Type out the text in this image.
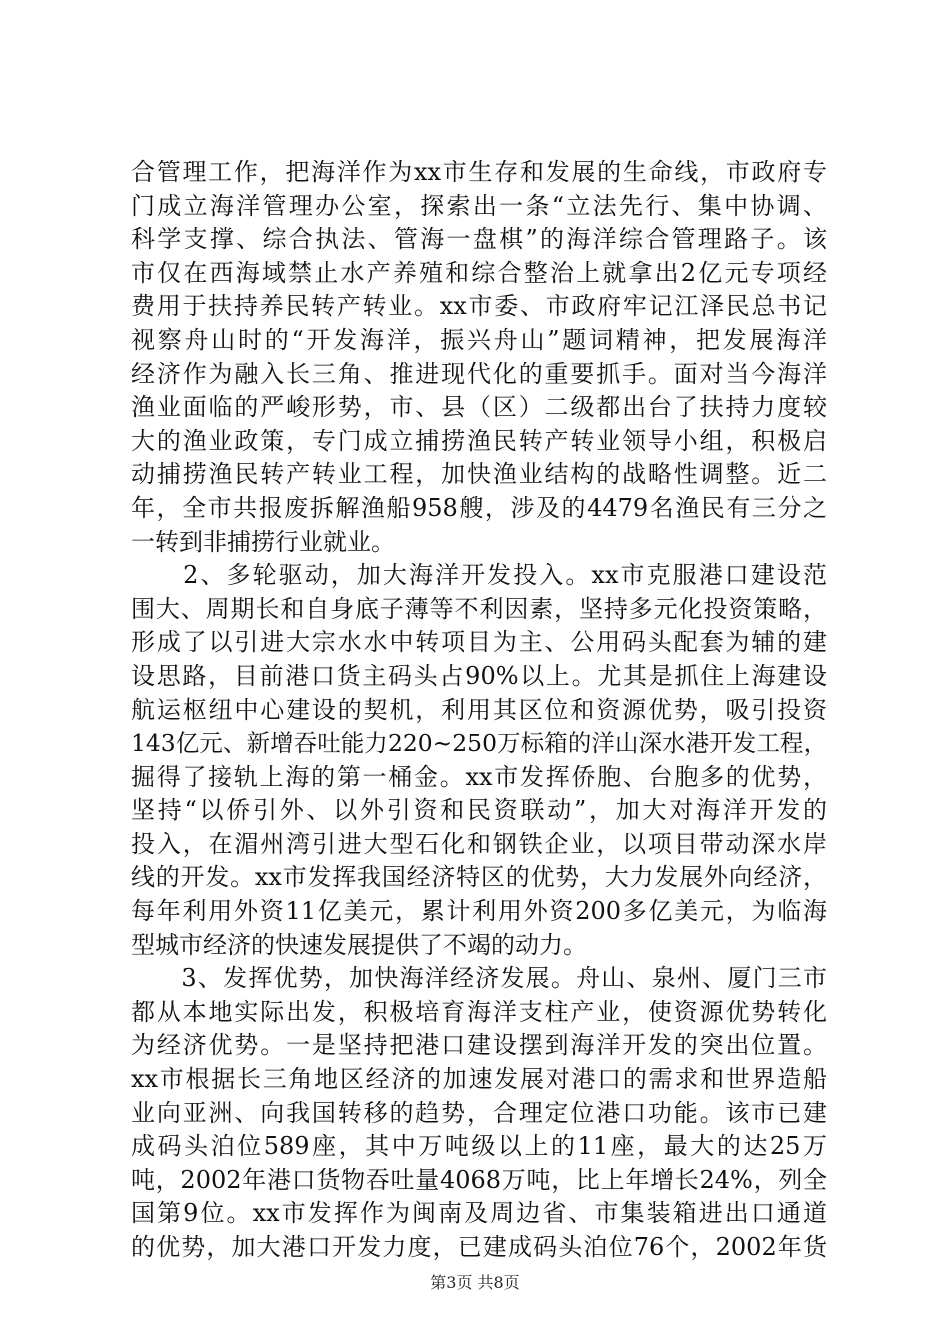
合管理工作，把海洋作为xx市生存和发展的生命线，市政府专
门成立海洋管理办公室，探索出一条“立法先行、集中协调、
科学支撑、综合执法、管海一盘棋”的海洋综合管理路子。该
市仅在西海域禁止水产养殖和综合整治上就拿出2亿元专项经
费用于扶持养民转产转业。xx市委、市政府牢记江泽民总书记
视察舟山时的“开发海洋，振兴舟山”题词精神，把发展海洋
经济作为融入长三角、推进现代化的重要抓手。面对当今海洋
渔业面临的严峻形势，市、县（区）二级都出台了扶持力度较
大的渔业政策，专门成立捕捞渔民转产转业领导小组，积极启
动捕捞渔民转产转业工程，加快渔业结构的战略性调整。近二
年，全市共报废拆解渔船958艘，涉及的4479名渔民有三分之
一转到非捕捞行业就业。
　　2、多轮驱动，加大海洋开发投入。xx市克服港口建设范
围大、周期长和自身底子薄等不利因素，坚持多元化投资策略，
形成了以引进大宗水水中转项目为主、公用码头配套为辅的建
设思路，目前港口货主码头占90%以上。尤其是抓住上海建设
航运枢纽中心建设的契机，利用其区位和资源优势，吸引投资
143亿元、新增吞吐能力220~250万标箱的洋山深水港开发工程，
掘得了接轨上海的第一桶金。xx市发挥侨胞、台胞多的优势，
坚持“以侨引外、以外引资和民资联动”，加大对海洋开发的
投入，在湄州湾引进大型石化和钢铁企业，以项目带动深水岸
线的开发。xx市发挥我国经济特区的优势，大力发展外向经济，
每年利用外资11亿美元，累计利用外资200多亿美元，为临海
型城市经济的快速发展提供了不竭的动力。
　　3、发挥优势，加快海洋经济发展。舟山、泉州、厦门三市
都从本地实际出发，积极培育海洋支柱产业，使资源优势转化
为经济优势。一是坚持把港口建设摆到海洋开发的突出位置。
xx市根据长三角地区经济的加速发展对港口的需求和世界造船
业向亚洲、向我国转移的趋势，合理定位港口功能。该市已建
成码头泊位589座，其中万吨级以上的11座，最大的达25万
吨，2002年港口货物吞吐量4068万吨，比上年增长24%，列全
国第9位。xx市发挥作为闽南及周边省、市集装箱进出口通道
的优势，加大港口开发力度，已建成码头泊位76个，2002年货
第3页 共8页
